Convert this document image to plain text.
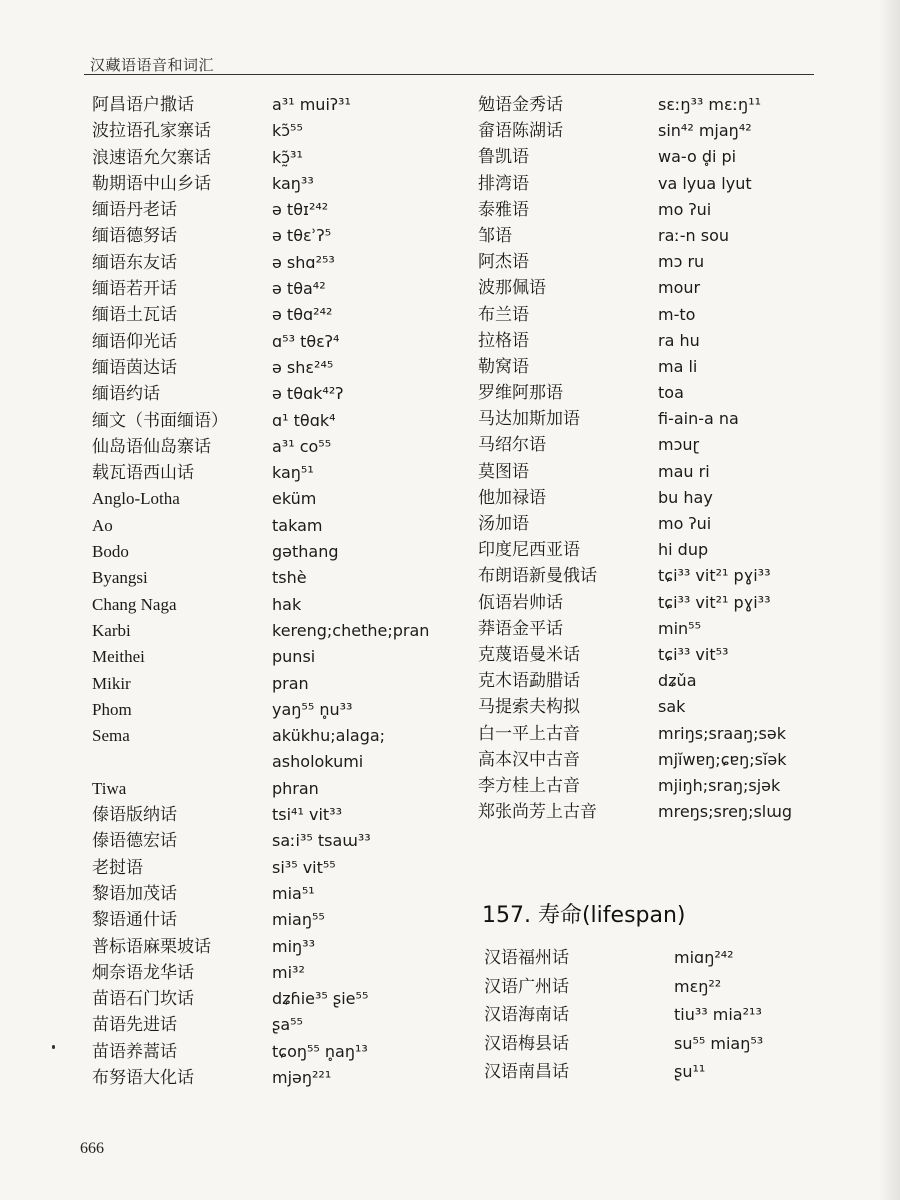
汉藏语语音和词汇
阿昌语户撒话	a³¹ muiʔ³¹
波拉语孔家寨话	kɔ̃⁵⁵
浪速语允欠寨话	kɔ̰̃³¹
勒期语中山乡话	kaŋ³³
缅语丹老话	ə tθɪ²⁴²
缅语德努话	ə tθɛʾʔ⁵
缅语东友话	ə shɑ²⁵³
缅语若开话	ə tθa⁴²
缅语土瓦话	ə tθɑ²⁴²
缅语仰光话	ɑ⁵³ tθɛʔ⁴
缅语茵达话	ə shɛ²⁴⁵
缅语约话	ə tθɑk⁴²ʔ
缅文（书面缅语）	ɑ¹ tθɑk⁴
仙岛语仙岛寨话	a³¹ co⁵⁵
载瓦语西山话	kaŋ⁵¹
Anglo-Lotha	eküm
Ao	takam
Bodo	gəthang
Byangsi	tshè
Chang Naga	hak
Karbi	kereng;chethe;pran
Meithei	punsi
Mikir	pran
Phom	yaŋ⁵⁵ n̥u³³
Sema	akükhu;alaga;
asholokumi
Tiwa	phran
傣语版纳话	tsi⁴¹ vit³³
傣语德宏话	saːi³⁵ tsaɯ³³
老挝语	si³⁵ vit⁵⁵
黎语加茂话	mia⁵¹
黎语通什话	miaŋ⁵⁵
普标语麻栗坡话	miŋ³³
炯奈语龙华话	mi³²
苗语石门坎话	dʑɦie³⁵ ʂie⁵⁵
苗语先进话	ʂa⁵⁵
苗语养蒿话	tɕoŋ⁵⁵ n̥aŋ¹³
布努语大化话	mjəŋ²²¹
勉语金秀话	sɛːŋ³³ mɛːŋ¹¹
畲语陈湖话	sin⁴² mjaŋ⁴²
鲁凯语	wa-o d̥i pi
排湾语	va lyua lyut
泰雅语	mo ʔui
邹语	raː-n sou
阿杰语	mɔ ru
波那佩语	mour
布兰语	m-to
拉格语	ra hu
勒窝语	ma li
罗维阿那语	toa
马达加斯加语	fi-ain-a na
马绍尔语	mɔuɽ
莫图语	mau ri
他加禄语	bu hay
汤加语	mo ʔui
印度尼西亚语	hi dup
布朗语新曼俄话	tɕi³³ vit²¹ pɣi³³
佤语岩帅话	tɕi³³ vit²¹ pɣi³³
莽语金平话	min⁵⁵
克蔑语曼米话	tɕi³³ vit⁵³
克木语勐腊话	dʑǔa
马提索夫构拟	sak
白一平上古音	mriŋs;sraaŋ;sək
高本汉中古音	mjĭwɐŋ;ɕɐŋ;sĭək
李方桂上古音	mjiŋh;sraŋ;sjək
郑张尚芳上古音	mreŋs;sreŋ;slɯg
157. 寿命(lifespan)
汉语福州话	miɑŋ²⁴²
汉语广州话	mɛŋ²²
汉语海南话	tiu³³ mia²¹³
汉语梅县话	su⁵⁵ miaŋ⁵³
汉语南昌话	ʂu¹¹
666
